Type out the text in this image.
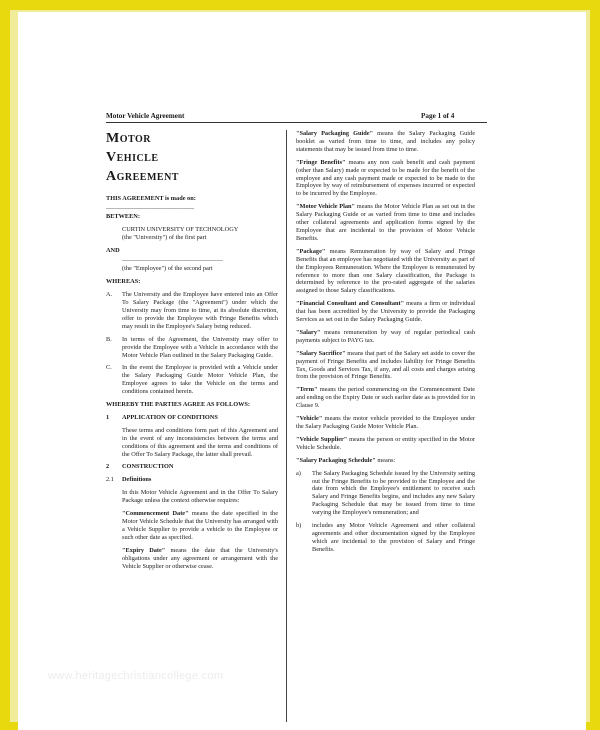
Motor Vehicle Agreement	Page 1 of 4
MOTOR
VEHICLE
AGREEMENT

THIS AGREEMENT is made on:

____________________________

BETWEEN:

CURTIN UNIVERSITY OF TECHNOLOGY

(the "University") of the first part

AND

________________________________

(the "Employee") of the second part

WHEREAS:

A.	The University and the Employee have entered into an Offer To Salary Package (the "Agreement") under which the University may from time to time, at its absolute discretion, offer to provide the Employee with Fringe Benefits which may result in the Employee's Salary being reduced.
B.	In terms of the Agreement, the University may offer to provide the Employee with a Vehicle in accordance with the Motor Vehicle Plan outlined in the Salary Packaging Guide.
C.	In the event the Employee is provided with a Vehicle under the Salary Packaging Guide Motor Vehicle Plan, the Employee agrees to take the Vehicle on the terms and conditions contained herein.

WHEREBY THE PARTIES AGREE AS FOLLOWS:

1	APPLICATION OF CONDITIONS

These terms and conditions form part of this Agreement and in the event of any inconsistencies between the terms and conditions of this agreement and the terms and conditions of the Offer To Salary Package, the latter shall prevail.

2	CONSTRUCTION
2.1	Definitions

In this Motor Vehicle Agreement and in the Offer To Salary Package unless the context otherwise requires:

"Commencement Date" means the date specified in the Motor Vehicle Schedule that the University has arranged with a Vehicle Supplier to provide a vehicle to the Employee or such other date as specified.

"Expiry Date" means the date that the University's obligations under any agreement or arrangement with the Vehicle Supplier or otherwise cease.

"Salary Packaging Guide" means the Salary Packaging Guide booklet as varied from time to time, and includes any policy statements that may be issued from time to time.

"Fringe Benefits" means any non cash benefit and cash payment (other than Salary) made or expected to be made for the benefit of the employee and any cash payment made or expected to be made to the Employee by way of reimbursement of expenses incurred or expected to be incurred by the Employee.

"Motor Vehicle Plan" means the Motor Vehicle Plan as set out in the Salary Packaging Guide or as varied from time to time and includes other collateral agreements and application forms signed by the Employee that are incidental to the provision of Motor Vehicle Benefits.

"Package" means Remuneration by way of Salary and Fringe Benefits that an employee has negotiated with the University as part of the Employees Remuneration. Where the Employee is remunerated by reference to more than one Salary classification, the Package is determined by reference to the pro-rated aggregate of the salaries assigned to those Salary classifications.

"Financial Consultant and Consultant" means a firm or individual that has been accredited by the University to provide the Packaging Services as set out in the Salary Packaging Guide.

"Salary" means remuneration by way of regular periodical cash payments subject to PAYG tax.

"Salary Sacrifice" means that part of the Salary set aside to cover the payment of Fringe Benefits and includes liability for Fringe Benefits Tax, Goods and Services Tax, if any, and all costs and charges arising from the provision of Fringe Benefits.

"Term" means the period commencing on the Commencement Date and ending on the Expiry Date or such earlier date as is provided for in Clause 9.

"Vehicle" means the motor vehicle provided to the Employee under the Salary Packaging Guide Motor Vehicle Plan.

"Vehicle Supplier" means the person or entity specified in the Motor Vehicle Schedule.

"Salary Packaging Schedule" means:

a)	The Salary Packaging Schedule issued by the University setting out the Fringe Benefits to be provided to the Employee and the date from which the Employee's entitlement to receive such Salary and Fringe Benefits begins, and includes any new Salary Packaging Schedule that may be issued from time to time varying the Employee's remuneration; and
b)	includes any Motor Vehicle Agreement and other collateral agreements and other documentation signed by the Employee which are incidental to the provision of Salary and Fringe Benefits.
www.heritagechristiancollege.com
